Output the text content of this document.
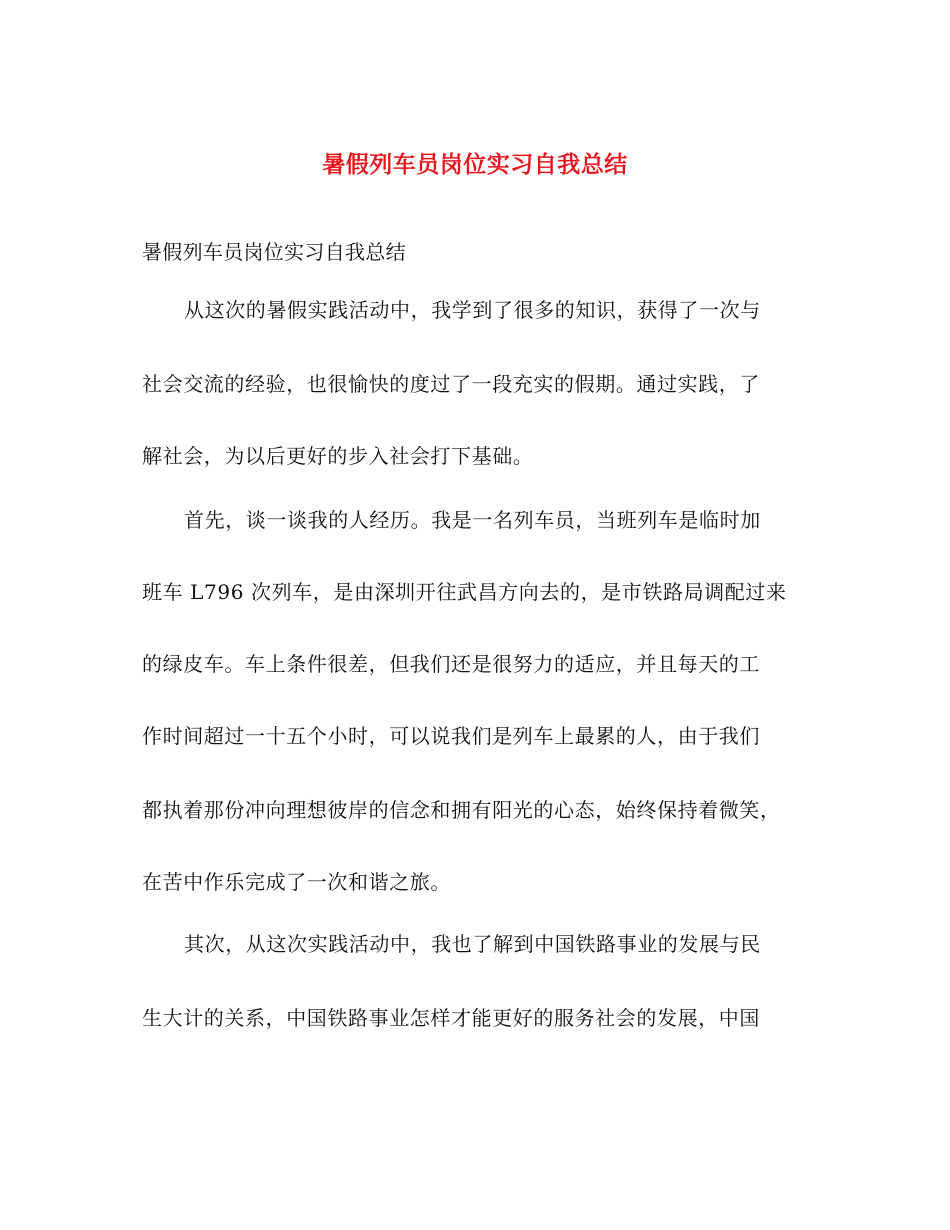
暑假列车员岗位实习自我总结
暑假列车员岗位实习自我总结
从这次的暑假实践活动中，我学到了很多的知识，获得了一次与
社会交流的经验，也很愉快的度过了一段充实的假期。通过实践，了
解社会，为以后更好的步入社会打下基础。
首先，谈一谈我的人经历。我是一名列车员，当班列车是临时加
班车 L796 次列车，是由深圳开往武昌方向去的，是市铁路局调配过来
的绿皮车。车上条件很差，但我们还是很努力的适应，并且每天的工
作时间超过一十五个小时，可以说我们是列车上最累的人，由于我们
都执着那份冲向理想彼岸的信念和拥有阳光的心态，始终保持着微笑，
在苦中作乐完成了一次和谐之旅。
其次，从这次实践活动中，我也了解到中国铁路事业的发展与民
生大计的关系，中国铁路事业怎样才能更好的服务社会的发展，中国
